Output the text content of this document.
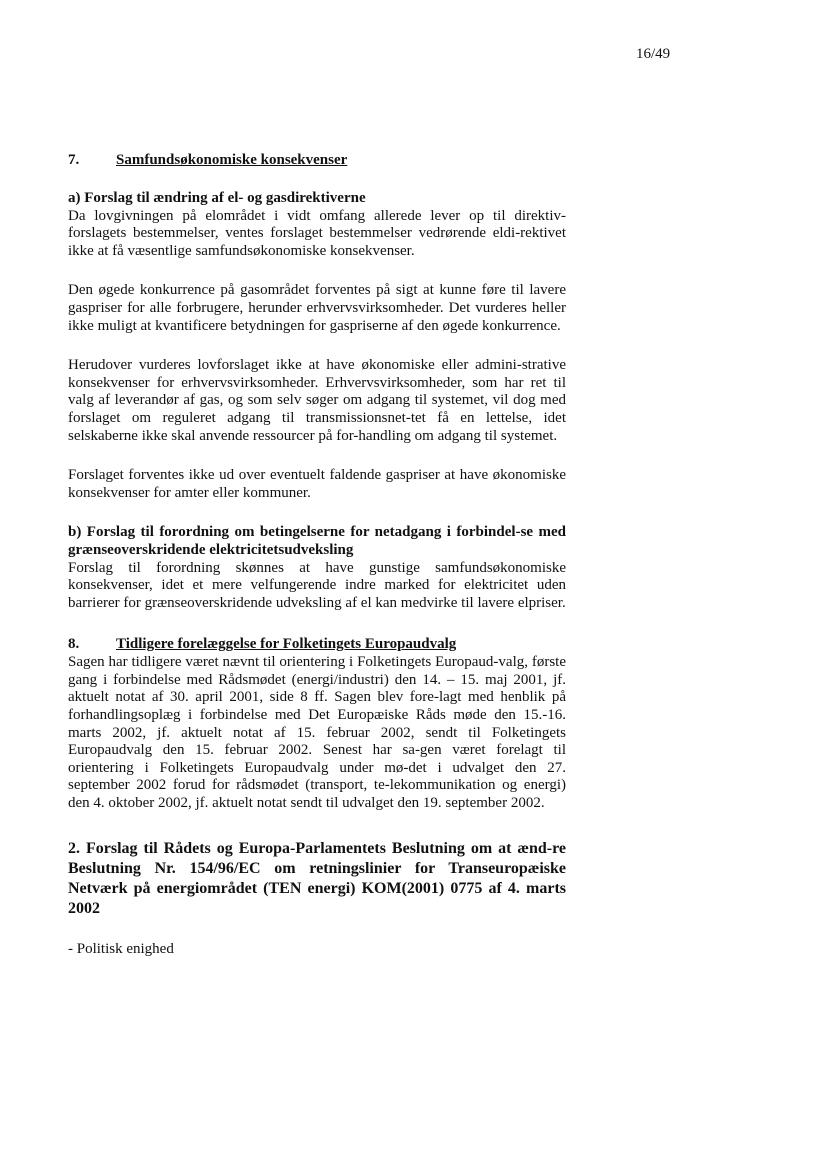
16/49
7.	Samfundsøkonomiske konsekvenser

a) Forslag til ændring af el- og gasdirektiverne

Da lovgivningen på elområdet i vidt omfang allerede lever op til direktiv-forslagets bestemmelser, ventes forslaget bestemmelser vedrørende eldi-rektivet ikke at få væsentlige samfundsøkonomiske konsekvenser.

Den øgede konkurrence på gasområdet forventes på sigt at kunne føre til lavere gaspriser for alle forbrugere, herunder erhvervsvirksomheder. Det vurderes heller ikke muligt at kvantificere betydningen for gaspriserne af den øgede konkurrence.

Herudover vurderes lovforslaget ikke at have økonomiske eller admini-strative konsekvenser for erhvervsvirksomheder. Erhvervsvirksomheder, som har ret til valg af leverandør af gas, og som selv søger om adgang til systemet, vil dog med forslaget om reguleret adgang til transmissionsnet-tet få en lettelse, idet selskaberne ikke skal anvende ressourcer på for-handling om adgang til systemet.

Forslaget forventes ikke ud over eventuelt faldende gaspriser at have økonomiske konsekvenser for amter eller kommuner.

b) Forslag til forordning om betingelserne for netadgang i forbindel-se med grænseoverskridende elektricitetsudveksling

Forslag til forordning skønnes at have gunstige samfundsøkonomiske konsekvenser, idet et mere velfungerende indre marked for elektricitet uden barrierer for grænseoverskridende udveksling af el kan medvirke til lavere elpriser.

8.	Tidligere forelæggelse for Folketingets Europaudvalg

Sagen har tidligere været nævnt til orientering i Folketingets Europaud-valg, første gang i forbindelse med Rådsmødet (energi/industri) den 14. – 15. maj 2001, jf. aktuelt notat af 30. april 2001, side 8 ff. Sagen blev fore-lagt med henblik på forhandlingsoplæg i forbindelse med Det Europæiske Råds møde den 15.-16. marts 2002, jf. aktuelt notat af 15. februar 2002, sendt til Folketingets Europaudvalg den 15. februar 2002. Senest har sa-gen været forelagt til orientering i Folketingets Europaudvalg under mø-det i udvalget den 27. september 2002 forud for rådsmødet (transport, te-lekommunikation og energi) den 4. oktober 2002, jf. aktuelt notat sendt til udvalget den 19. september 2002.

2. Forslag til Rådets og Europa-Parlamentets Beslutning om at ænd-re Beslutning Nr. 154/96/EC om retningslinier for Transeuropæiske Netværk på energiområdet (TEN energi) KOM(2001) 0775 af 4. marts 2002

- Politisk enighed
